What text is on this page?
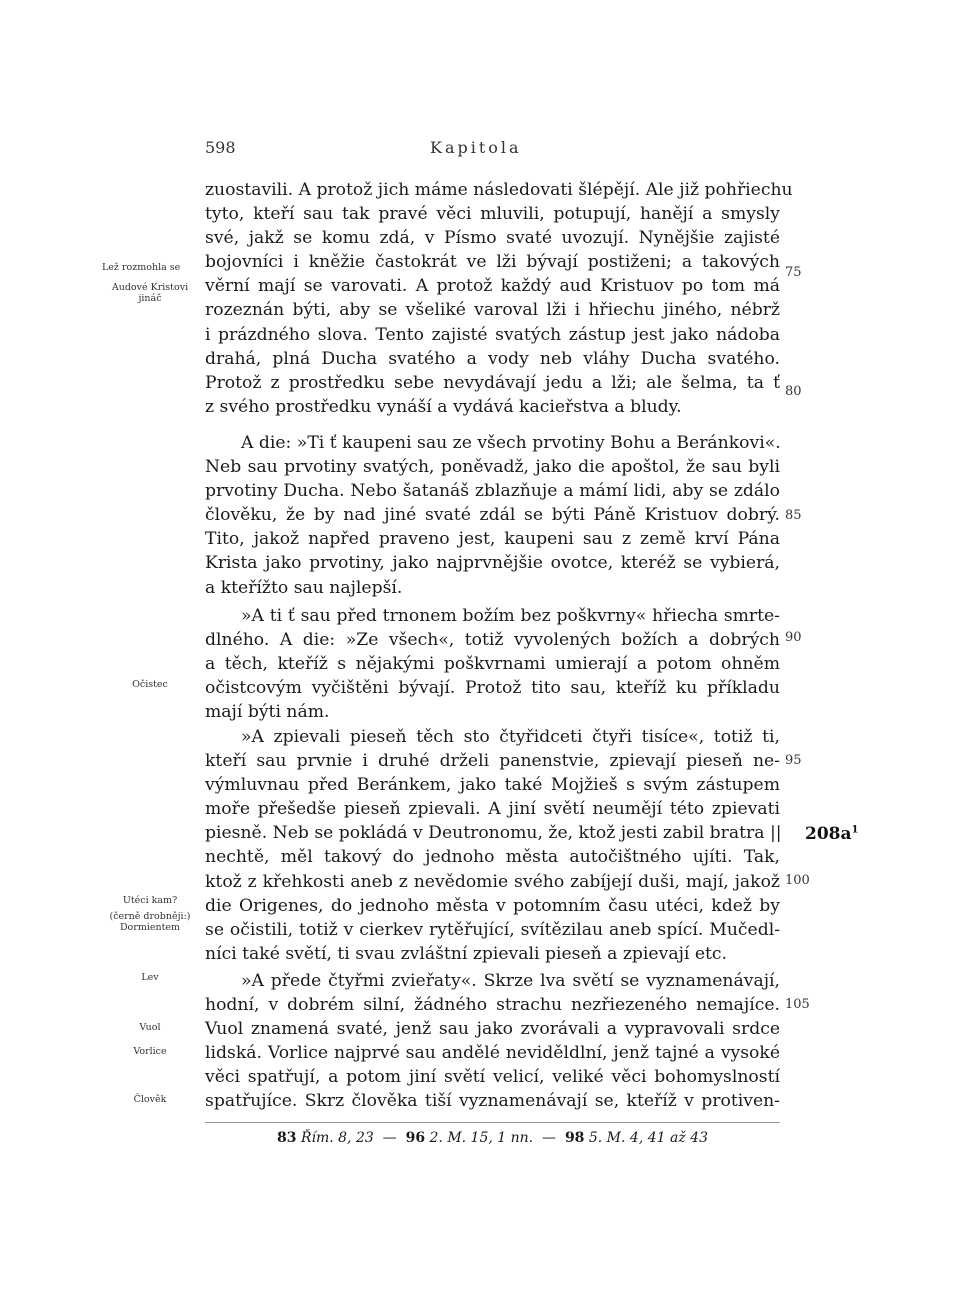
598	Kapitola
zuostavili. A protož jich máme následovati šlépějí. Ale již pohřiechu
tyto, kteří sau tak pravé věci mluvili, potupují, hanějí a smysly
své, jakž se komu zdá, v Písmo svaté uvozují. Nynějšie zajisté
bojovníci i kněžie častokrát ve lži bývají postiženi; a takových
věrní mají se varovati. A protož každý aud Kristuov po tom má
rozeznán býti, aby se všeliké varoval lži i hřiechu jiného, nébrž
i prázdného slova. Tento zajisté svatých zástup jest jako nádoba
drahá, plná Ducha svatého a vody neb vláhy Ducha svatého.
Protož z prostředku sebe nevydávají jedu a lži; ale šelma, ta ť
z svého prostředku vynáší a vydává kacieřstva a bludy.
A die: »Ti ť kaupeni sau ze všech prvotiny Bohu a Beránkovi«.
Neb sau prvotiny svatých, poněvadž, jako die apoštol, že sau byli
prvotiny Ducha. Nebo šatanáš zblazňuje a mámí lidi, aby se zdálo
člověku, že by nad jiné svaté zdál se býti Páně Kristuov dobrý.
Tito, jakož napřed praveno jest, kaupeni sau z země krví Pána
Krista jako prvotiny, jako najprvnějšie ovotce, kteréž se vybierá,
a kteřížto sau najlepší.
»A ti ť sau před trnonem božím bez poškvrny« hřiecha smrte-
dlného. A die: »Ze všech«, totiž vyvolených božích a dobrých
a těch, kteříž s nějakými poškvrnami umierají a potom ohněm
očistcovým vyčištěni bývají. Protož tito sau, kteříž ku příkladu
mají býti nám.
»A zpievali pieseň těch sto čtyřidceti čtyři tisíce«, totiž ti,
kteří sau prvnie i druhé drželi panenstvie, zpievají pieseň ne-
výmluvnau před Beránkem, jako také Mojžieš s svým zástupem
moře přešedše pieseň zpievali. A jiní světí neumějí této zpievati
piesně. Neb se pokládá v Deutronomu, že, ktož jesti zabil bratra ||
nechtě, měl takový do jednoho města autočištného ujíti. Tak,
ktož z křehkosti aneb z nevědomie svého zabíjejí duši, mají, jakož
die Origenes, do jednoho města v potomním času utéci, kdež by
se očistili, totiž v cierkev rytěřující, svítězilau aneb spící. Mučedl-
níci také světí, ti svau zvláštní zpievali pieseň a zpievají etc.
»A přede čtyřmi zvieřaty«. Skrze lva světí se vyznamenávají,
hodní, v dobrém silní, žádného strachu nezřiezeného nemajíce.
Vuol znamená svaté, jenž sau jako zvorávali a vypravovali srdce
lidská. Vorlice najprvé sau andělé neviděldlní, jenž tajné a vysoké
věci spatřují, a potom jiní světí velicí, veliké věci bohomyslností
spatřujíce. Skrz člověka tiší vyznamenávají se, kteříž v protiven-
Lež rozmohla se
Audové Kristovi jináč
Očistec
Utéci kam?
(černě drobněji:) Dormientem
Lev
Vuol
Vorlice
Člověk
75
80
85
90
95
100
105
$208a^1$
83 Řím. 8, 23 — 96 2. M. 15, 1 nn. — 98 5. M. 4, 41 až 43
